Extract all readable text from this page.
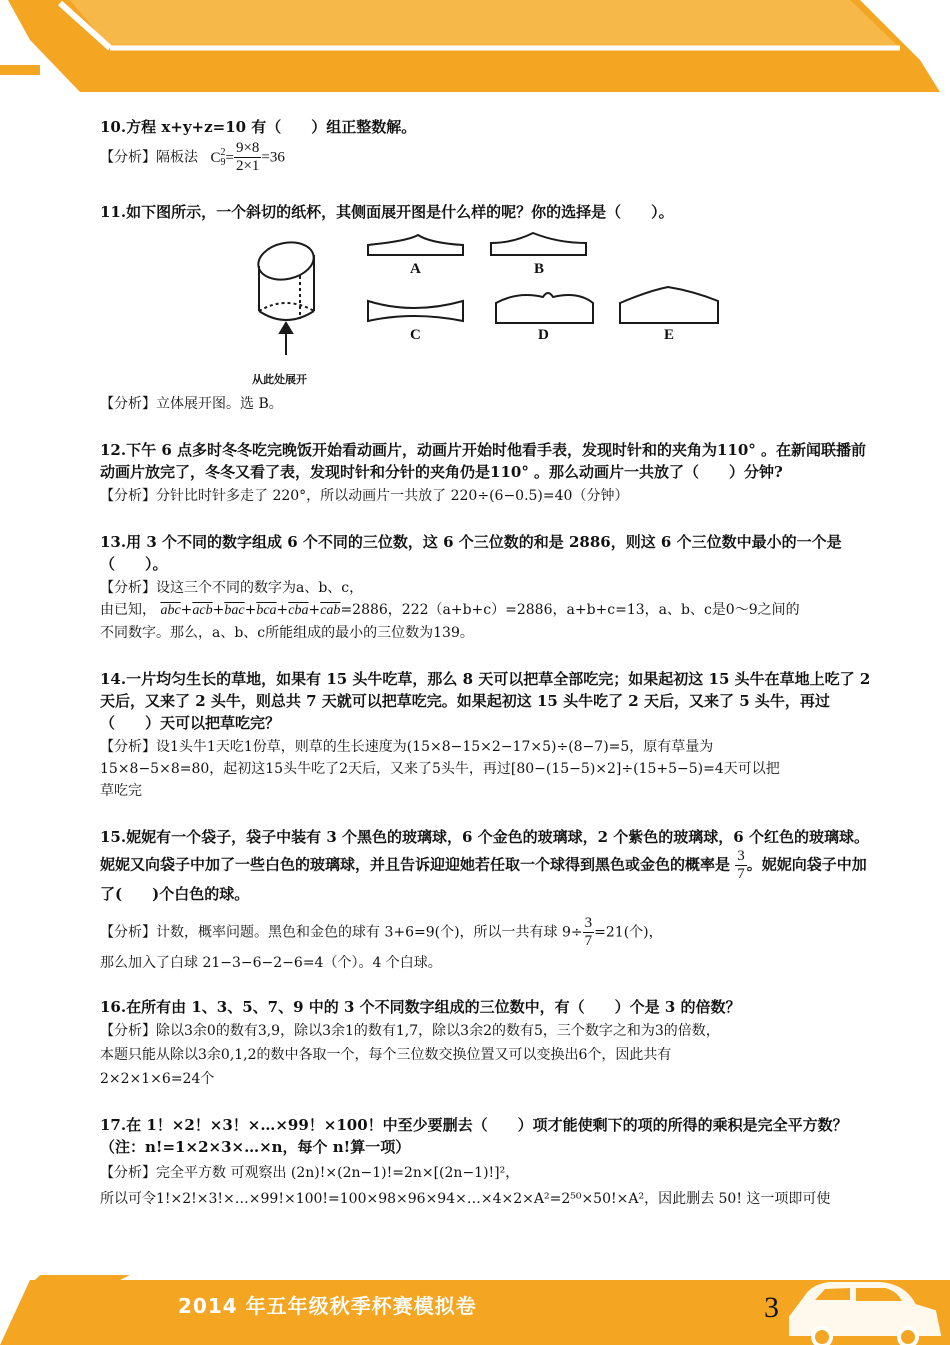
10.方程 x+y+z=10 有（　　）组正整数解。

【分析】隔板法 C 2
$9 = \frac{9\times 8}{2\times 1} =36$

11.如下图所示，一个斜切的纸杯，其侧面展开图是什么样的呢？你的选择是（　　）。

A	B
C	D	E
从此处展开

【分析】立体展开图。选 B。

12.下午 6 点多时冬冬吃完晚饭开始看动画片，动画片开始时他看手表，发现时针和的夹角为110° 。在新闻联播前动画片放完了，冬冬又看了表，发现时针和分针的夹角仍是110° 。那么动画片一共放了（　　）分钟?

【分析】分针比时针多走了 220°，所以动画片一共放了 220÷(6−0.5)=40（分钟）

13.用 3 个不同的数字组成 6 个不同的三位数，这 6 个三位数的和是 2886，则这 6 个三位数中最小的一个是（　　）。

【分析】设这三个不同的数字为a、b、c，

由已知， $\overline{abc}+\overline{acb}+\overline{bac}+\overline{bca}+\overline{cba}+\overline{cab}=2886$，222（a+b+c）=2886，a+b+c=13，a、b、c是0～9之间的

不同数字。那么，a、b、c所能组成的最小的三位数为139。

14.一片均匀生长的草地，如果有 15 头牛吃草，那么 8 天可以把草全部吃完；如果起初这 15 头牛在草地上吃了 2 天后，又来了 2 头牛，则总共 7 天就可以把草吃完。如果起初这 15 头牛吃了 2 天后，又来了 5 头牛，再过（　　）天可以把草吃完？

【分析】设1头牛1天吃1份草，则草的生长速度为(15×8−15×2−17×5)÷(8−7)=5，原有草量为

15×8−5×8=80，起初这15头牛吃了2天后，又来了5头牛，再过[80−(15−5)×2]÷(15+5−5)=4天可以把

草吃完

15.妮妮有一个袋子，袋子中装有 3 个黑色的玻璃球，6 个金色的玻璃球，2 个紫色的玻璃球，6 个红色的玻璃球。妮妮又向袋子中加了一些白色的玻璃球，并且告诉迎迎她若任取一个球得到黑色或金色的概率是 $\frac{3}{7}$ 。妮妮向袋子中加了(　　)个白色的球。

【分析】计数，概率问题。黑色和金色的球有 3+6=9(个)，所以一共有球 $9\div \frac{3}{7} =21$(个)，

那么加入了白球 21−3−6−2−6=4（个）。4 个白球。

16.在所有由 1、3、5、7、9 中的 3 个不同数字组成的三位数中，有（　　）个是 3 的倍数？

【分析】除以3余0的数有3,9，除以3余1的数有1,7，除以3余2的数有5，三个数字之和为3的倍数，

本题只能从除以3余0,1,2的数中各取一个，每个三位数交换位置又可以变换出6个，因此共有

2×2×1×6=24个

17.在 1！×2！×3！×…×99！×100！中至少要删去（　　）项才能使剩下的项的所得的乘积是完全平方数？

（注：n!=1×2×3×…×n，每个 n!算一项）

【分析】完全平方数 可观察出 (2n)!×(2n−1)!=2n×[(2n−1)!]²，

所以可令1!×2!×3!×…×99!×100!=100×98×96×94×…×4×2×A²=2⁵⁰×50!×A²，因此删去 50! 这一项即可使

2014 年五年级秋季杯赛模拟卷	3
